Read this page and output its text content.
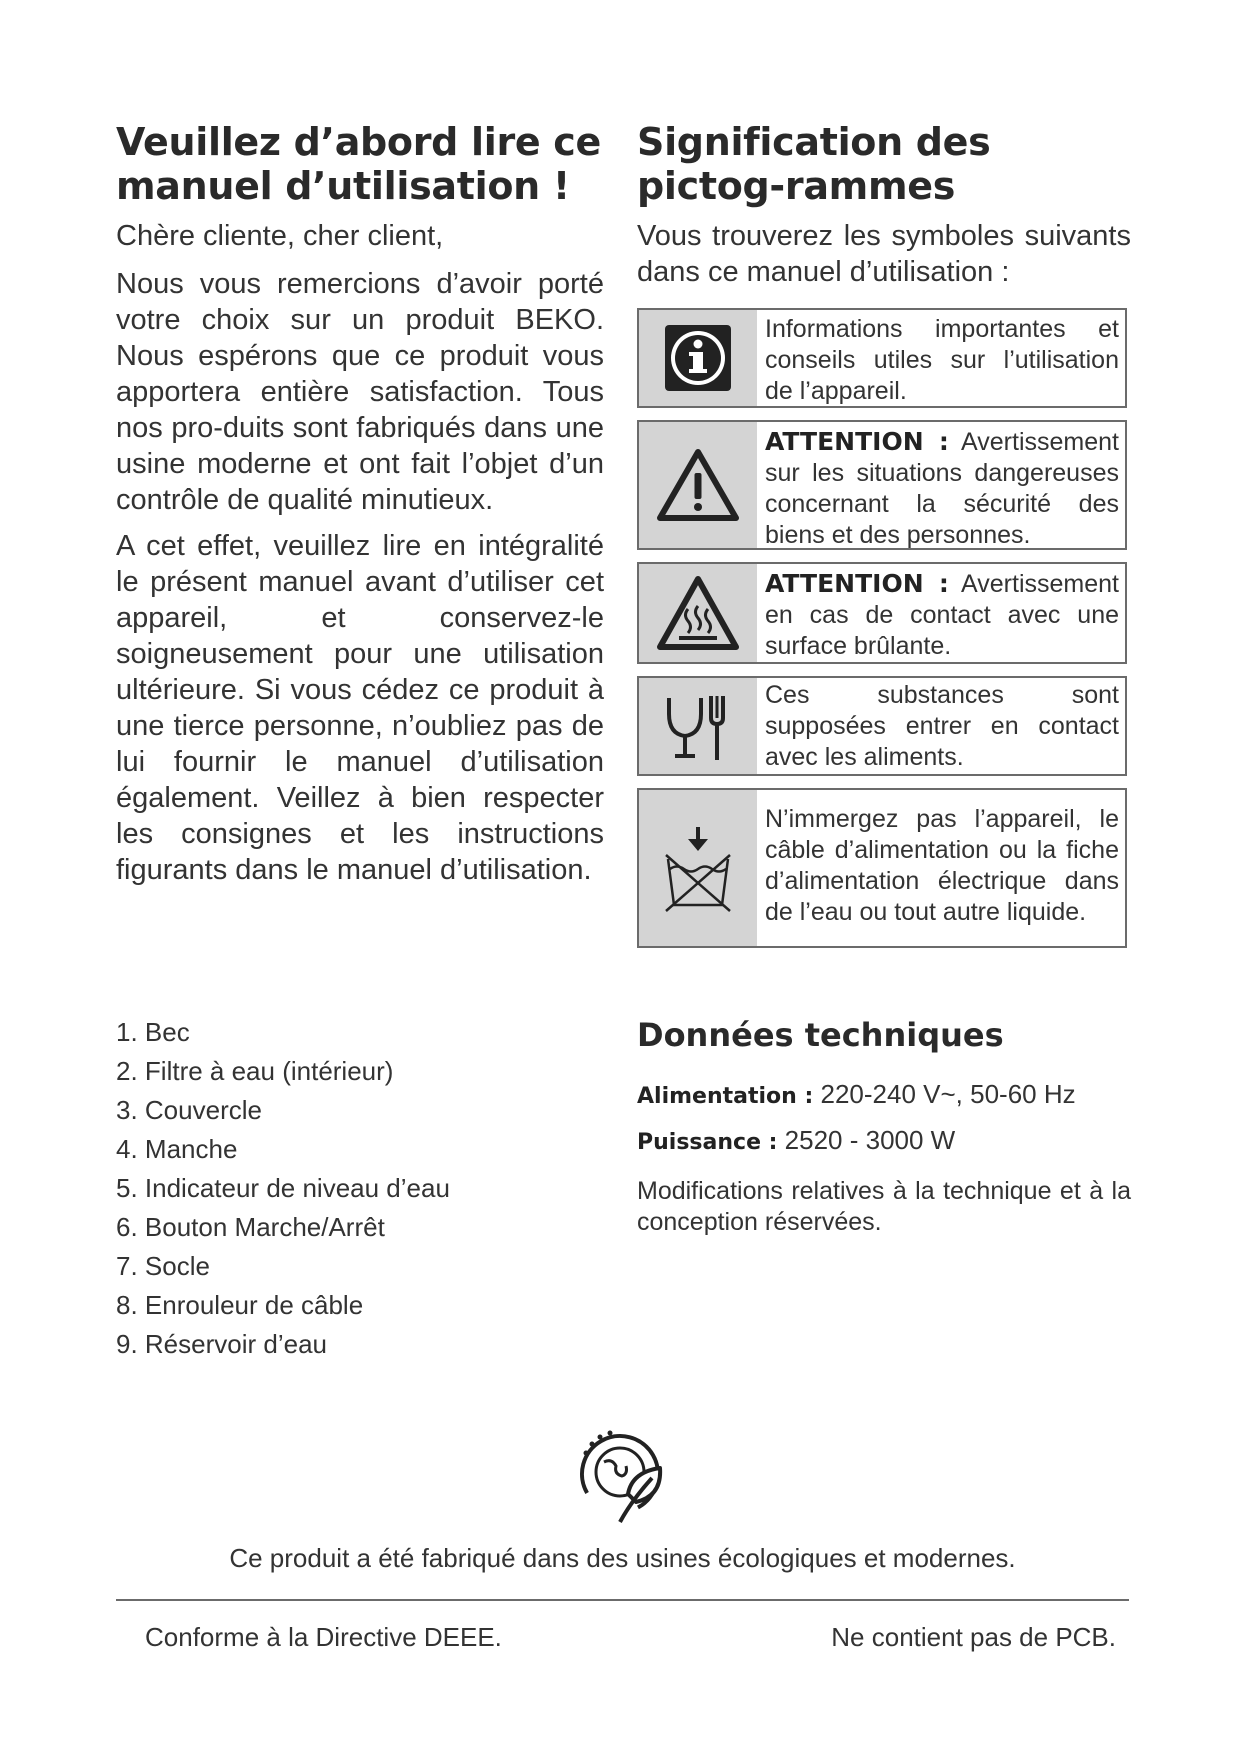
Veuillez d’abord lire ce manuel d’utilisation !

Chère cliente, cher client,

Nous vous remercions d’avoir porté votre choix sur un produit BEKO. Nous espérons que ce produit vous apportera entière satisfaction. Tous nos pro-duits sont fabriqués dans une usine moderne et ont fait l’objet d’un contrôle de qualité minutieux.

A cet effet, veuillez lire en intégralité le présent manuel avant d’utiliser cet appareil, et conservez-le soigneusement pour une utilisation ultérieure. Si vous cédez ce produit à une tierce personne, n’oubliez pas de lui fournir le manuel d’utilisation également. Veillez à bien respecter les consignes et les instructions figurants dans le manuel d’utilisation.

Signification des pictog-rammes

Vous trouverez les symboles suivants dans ce manuel d’utilisation :

Informations importantes et conseils utiles sur l’utilisation de l’appareil.
ATTENTION : Avertissement sur les situations dangereuses concernant la sécurité des biens et des personnes.
ATTENTION : Avertissement en cas de contact avec une surface brûlante.
Ces substances sont supposées entrer en contact avec les aliments.
N’immergez pas l’appareil, le câble d’alimentation ou la fiche d’alimentation électrique dans de l’eau ou tout autre liquide.
1. Bec
2. Filtre à eau (intérieur)
3. Couvercle
4. Manche
5. Indicateur de niveau d’eau
6. Bouton Marche/Arrêt
7. Socle
8. Enrouleur de câble
9. Réservoir d’eau
Données techniques

Alimentation : 220-240 V~, 50-60 Hz

Puissance : 2520 - 3000 W

Modifications relatives à la technique et à la conception réservées.

Ce produit a été fabriqué dans des usines écologiques et modernes.
Conforme à la Directive DEEE.	Ne contient pas de PCB.
